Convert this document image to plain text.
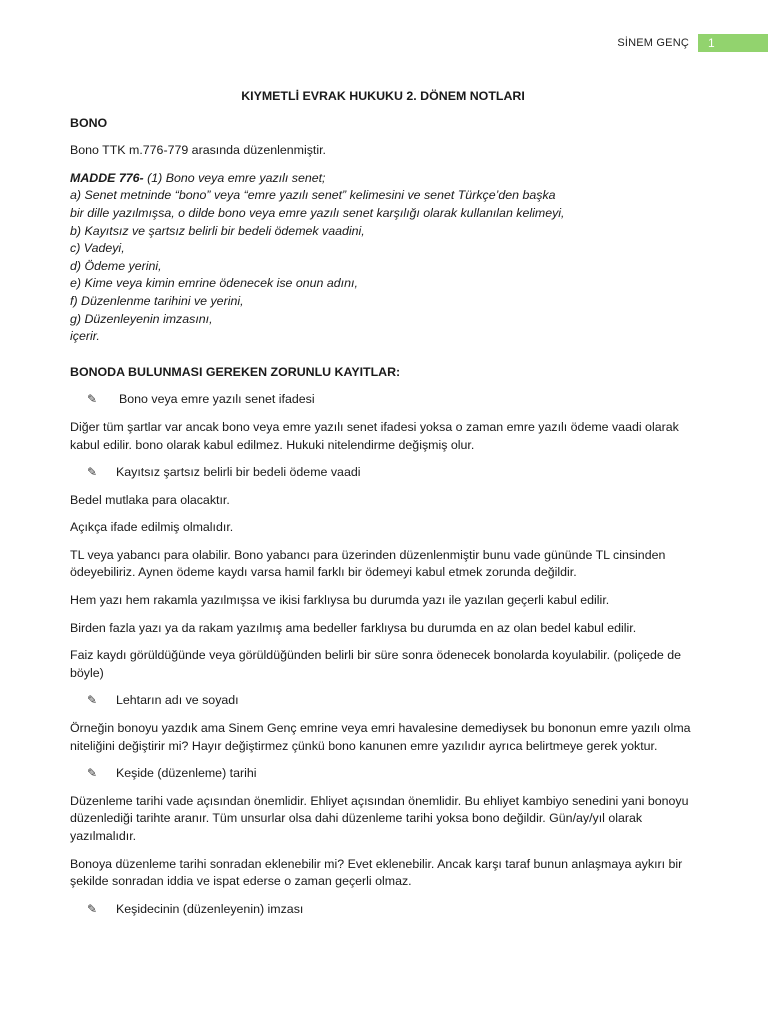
SİNEM GENÇ	1
KIYMETLİ EVRAK HUKUKU 2. DÖNEM NOTLARI
BONO

Bono TTK m.776-779 arasında düzenlenmiştir.

MADDE 776- (1) Bono veya emre yazılı senet;
a) Senet metninde “bono” veya “emre yazılı senet” kelimesini ve senet Türkçe’den başka
bir dille yazılmışsa, o dilde bono veya emre yazılı senet karşılığı olarak kullanılan kelimeyi,
b) Kayıtsız ve şartsız belirli bir bedeli ödemek vaadini,
c) Vadeyi,
d) Ödeme yerini,
e) Kime veya kimin emrine ödenecek ise onun adını,
f) Düzenlenme tarihini ve yerini,
g) Düzenleyenin imzasını,
içerir.
BONODA BULUNMASI GEREKEN ZORUNLU KAYITLAR:
✎	Bono veya emre yazılı senet ifadesi

Diğer tüm şartlar var ancak bono veya emre yazılı senet ifadesi yoksa o zaman emre yazılı ödeme vaadi olarak kabul edilir. bono olarak kabul edilmez. Hukuki nitelendirme değişmiş olur.

✎	Kayıtsız şartsız belirli bir bedeli ödeme vaadi

Bedel mutlaka para olacaktır.

Açıkça ifade edilmiş olmalıdır.

TL veya yabancı para olabilir. Bono yabancı para üzerinden düzenlenmiştir bunu vade gününde TL cinsinden ödeyebiliriz. Aynen ödeme kaydı varsa hamil farklı bir ödemeyi kabul etmek zorunda değildir.

Hem yazı hem rakamla yazılmışsa ve ikisi farklıysa bu durumda yazı ile yazılan geçerli kabul edilir.

Birden fazla yazı ya da rakam yazılmış ama bedeller farklıysa bu durumda en az olan bedel kabul edilir.

Faiz kaydı görüldüğünde veya görüldüğünden belirli bir süre sonra ödenecek bonolarda koyulabilir. (poliçede de böyle)

✎	Lehtarın adı ve soyadı

Örneğin bonoyu yazdık ama Sinem Genç emrine veya emri havalesine demediysek bu bononun emre yazılı olma niteliğini değiştirir mi? Hayır değiştirmez çünkü bono kanunen emre yazılıdır ayrıca belirtmeye gerek yoktur.

✎	Keşide (düzenleme) tarihi

Düzenleme tarihi vade açısından önemlidir. Ehliyet açısından önemlidir. Bu ehliyet kambiyo senedini yani bonoyu düzenlediği tarihte aranır. Tüm unsurlar olsa dahi düzenleme tarihi yoksa bono değildir. Gün/ay/yıl olarak yazılmalıdır.

Bonoya düzenleme tarihi sonradan eklenebilir mi? Evet eklenebilir. Ancak karşı taraf bunun anlaşmaya aykırı bir şekilde sonradan iddia ve ispat ederse o zaman geçerli olmaz.

✎	Keşidecinin (düzenleyenin) imzası
